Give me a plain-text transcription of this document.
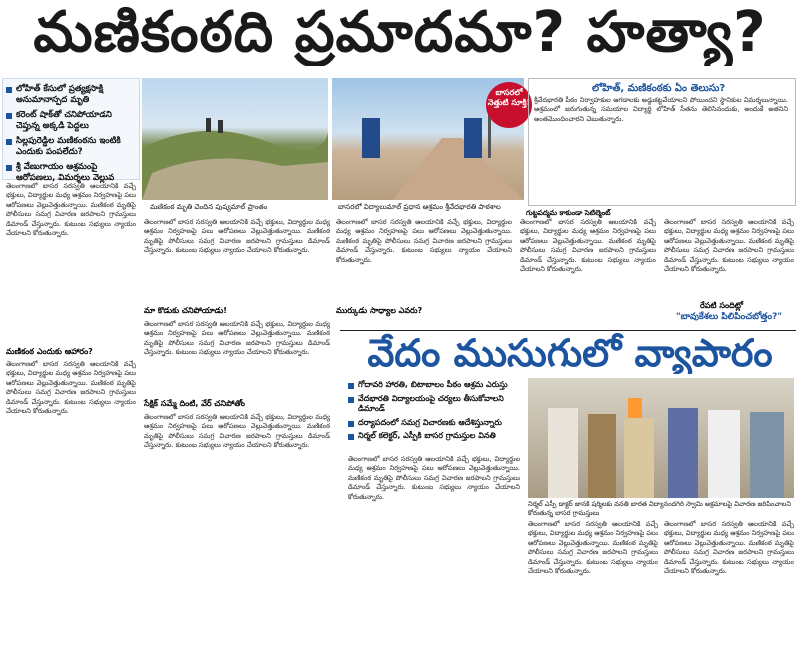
మణికంఠది ప్రమాదమా? హత్యా?
లోహిత్ కేసులో ప్రత్యక్షసాక్షి అనుమానాస్పద మృతి
కరెంట్ షాక్‌తో చనిపోయాడని చెప్తున్న అక్కడి పెద్దలు
సిల్లపురెడ్డిల మణికంఠను ఇంటికి ఎందుకు పంపలేదు?
శ్రీ వేణుగాయం ఆశ్రమంపై ఆరోపణలు, విమర్శలు వెల్లువ
మణికంఠ మృతి చెందిన పుష్యమాల్ ప్రాంతం
బాసరలో నెత్తుటి సూక్తి!
బాసరలో విద్యాలుమాల్ ప్రధాన ఆశ్రమం శ్రీవేదభారతి పాఠశాల
లోహిత్, మణికంఠకు ఏం తెలుసు?
శ్రీవేదభారతి పీఠం నిర్వాహకుల ఆగడాలకు అడ్డుకట్టవేయాలని పోయిందని స్థానికుల విమర్శలున్నాయి. ఆశ్రమంలో జరుగుతున్న సమయాల విద్యార్థి లోహిత్ సీతను తెలిసినందుకు, అందుకే అతనిని అంతమొందించారని చెబుతున్నారు.
తెలంగాణలో బాసర సరస్వతి ఆలయానికి వచ్చే భక్తులు, విద్యార్థుల మధ్య ఆశ్రమం నిర్వహణపై పలు ఆరోపణలు వెల్లువెత్తుతున్నాయి. మణికంఠ మృతిపై పోలీసులు సమగ్ర విచారణ జరపాలని గ్రామస్తులు డిమాండ్ చేస్తున్నారు. కుటుంబ సభ్యులు న్యాయం చేయాలని కోరుతున్నారు.
మణికంఠ ఎందుకు ఆహారం?
తెలంగాణలో బాసర సరస్వతి ఆలయానికి వచ్చే భక్తులు, విద్యార్థుల మధ్య ఆశ్రమం నిర్వహణపై పలు ఆరోపణలు వెల్లువెత్తుతున్నాయి. మణికంఠ మృతిపై పోలీసులు సమగ్ర విచారణ జరపాలని గ్రామస్తులు డిమాండ్ చేస్తున్నారు. కుటుంబ సభ్యులు న్యాయం చేయాలని కోరుతున్నారు.
తెలంగాణలో బాసర సరస్వతి ఆలయానికి వచ్చే భక్తులు, విద్యార్థుల మధ్య ఆశ్రమం నిర్వహణపై పలు ఆరోపణలు వెల్లువెత్తుతున్నాయి. మణికంఠ మృతిపై పోలీసులు సమగ్ర విచారణ జరపాలని గ్రామస్తులు డిమాండ్ చేస్తున్నారు. కుటుంబ సభ్యులు న్యాయం చేయాలని కోరుతున్నారు.
మా కొడుకు చనిపోయాడు!
తెలంగాణలో బాసర సరస్వతి ఆలయానికి వచ్చే భక్తులు, విద్యార్థుల మధ్య ఆశ్రమం నిర్వహణపై పలు ఆరోపణలు వెల్లువెత్తుతున్నాయి. మణికంఠ మృతిపై పోలీసులు సమగ్ర విచారణ జరపాలని గ్రామస్తులు డిమాండ్ చేస్తున్నారు. కుటుంబ సభ్యులు న్యాయం చేయాలని కోరుతున్నారు.
సేక్షిక్ సమ్మే దింటి, వేర్ చనిపోతోం
తెలంగాణలో బాసర సరస్వతి ఆలయానికి వచ్చే భక్తులు, విద్యార్థుల మధ్య ఆశ్రమం నిర్వహణపై పలు ఆరోపణలు వెల్లువెత్తుతున్నాయి. మణికంఠ మృతిపై పోలీసులు సమగ్ర విచారణ జరపాలని గ్రామస్తులు డిమాండ్ చేస్తున్నారు. కుటుంబ సభ్యులు న్యాయం చేయాలని కోరుతున్నారు.
తెలంగాణలో బాసర సరస్వతి ఆలయానికి వచ్చే భక్తులు, విద్యార్థుల మధ్య ఆశ్రమం నిర్వహణపై పలు ఆరోపణలు వెల్లువెత్తుతున్నాయి. మణికంఠ మృతిపై పోలీసులు సమగ్ర విచారణ జరపాలని గ్రామస్తులు డిమాండ్ చేస్తున్నారు. కుటుంబ సభ్యులు న్యాయం చేయాలని కోరుతున్నారు.
ముర్కుడు సాధ్యాల ఎవరు?
తెలంగాణలో బాసర సరస్వతి ఆలయానికి వచ్చే భక్తులు, విద్యార్థుల మధ్య ఆశ్రమం నిర్వహణపై పలు ఆరోపణలు వెల్లువెత్తుతున్నాయి. మణికంఠ మృతిపై పోలీసులు సమగ్ర విచారణ జరపాలని గ్రామస్తులు డిమాండ్ చేస్తున్నారు. కుటుంబ సభ్యులు న్యాయం చేయాలని కోరుతున్నారు.
గుట్టపద్మమ కాకుండా సెటిల్మెంట్
తెలంగాణలో బాసర సరస్వతి ఆలయానికి వచ్చే భక్తులు, విద్యార్థుల మధ్య ఆశ్రమం నిర్వహణపై పలు ఆరోపణలు వెల్లువెత్తుతున్నాయి. మణికంఠ మృతిపై పోలీసులు సమగ్ర విచారణ జరపాలని గ్రామస్తులు డిమాండ్ చేస్తున్నారు. కుటుంబ సభ్యులు న్యాయం చేయాలని కోరుతున్నారు.
రేపటి సందిట్లో
"బావుకేశలు పిలిపించబోత్తం?"
వేదం ముసుగులో వ్యాపారం
గోదావరి హారతి, బిటాబాలం పీఠం ఆశ్రమ ఎరుస్తు
వేదభారతి విద్యాలయంపై చర్యలు తీసుకోవాలని డిమాండ్
దర్యాపదంలో సమగ్ర విచారణకు ఆదేశిస్తున్నారు
నిర్మల్ కలెక్టర్, ఎస్పీకి బాసర గ్రామస్తుల వినతి
నిర్మల్ ఎస్పీ డాక్టర్ జానకి షర్మిలకు వనతి బారత విద్యానందగిరి స్వామి అక్రమాలపై విచారణ జరిపించాలని కోరుతున్న బాసర గ్రామస్తులు
తెలంగాణలో బాసర సరస్వతి ఆలయానికి వచ్చే భక్తులు, విద్యార్థుల మధ్య ఆశ్రమం నిర్వహణపై పలు ఆరోపణలు వెల్లువెత్తుతున్నాయి. మణికంఠ మృతిపై పోలీసులు సమగ్ర విచారణ జరపాలని గ్రామస్తులు డిమాండ్ చేస్తున్నారు. కుటుంబ సభ్యులు న్యాయం చేయాలని కోరుతున్నారు.
తెలంగాణలో బాసర సరస్వతి ఆలయానికి వచ్చే భక్తులు, విద్యార్థుల మధ్య ఆశ్రమం నిర్వహణపై పలు ఆరోపణలు వెల్లువెత్తుతున్నాయి. మణికంఠ మృతిపై పోలీసులు సమగ్ర విచారణ జరపాలని గ్రామస్తులు డిమాండ్ చేస్తున్నారు. కుటుంబ సభ్యులు న్యాయం చేయాలని కోరుతున్నారు.
తెలంగాణలో బాసర సరస్వతి ఆలయానికి వచ్చే భక్తులు, విద్యార్థుల మధ్య ఆశ్రమం నిర్వహణపై పలు ఆరోపణలు వెల్లువెత్తుతున్నాయి. మణికంఠ మృతిపై పోలీసులు సమగ్ర విచారణ జరపాలని గ్రామస్తులు డిమాండ్ చేస్తున్నారు. కుటుంబ సభ్యులు న్యాయం చేయాలని కోరుతున్నారు.
